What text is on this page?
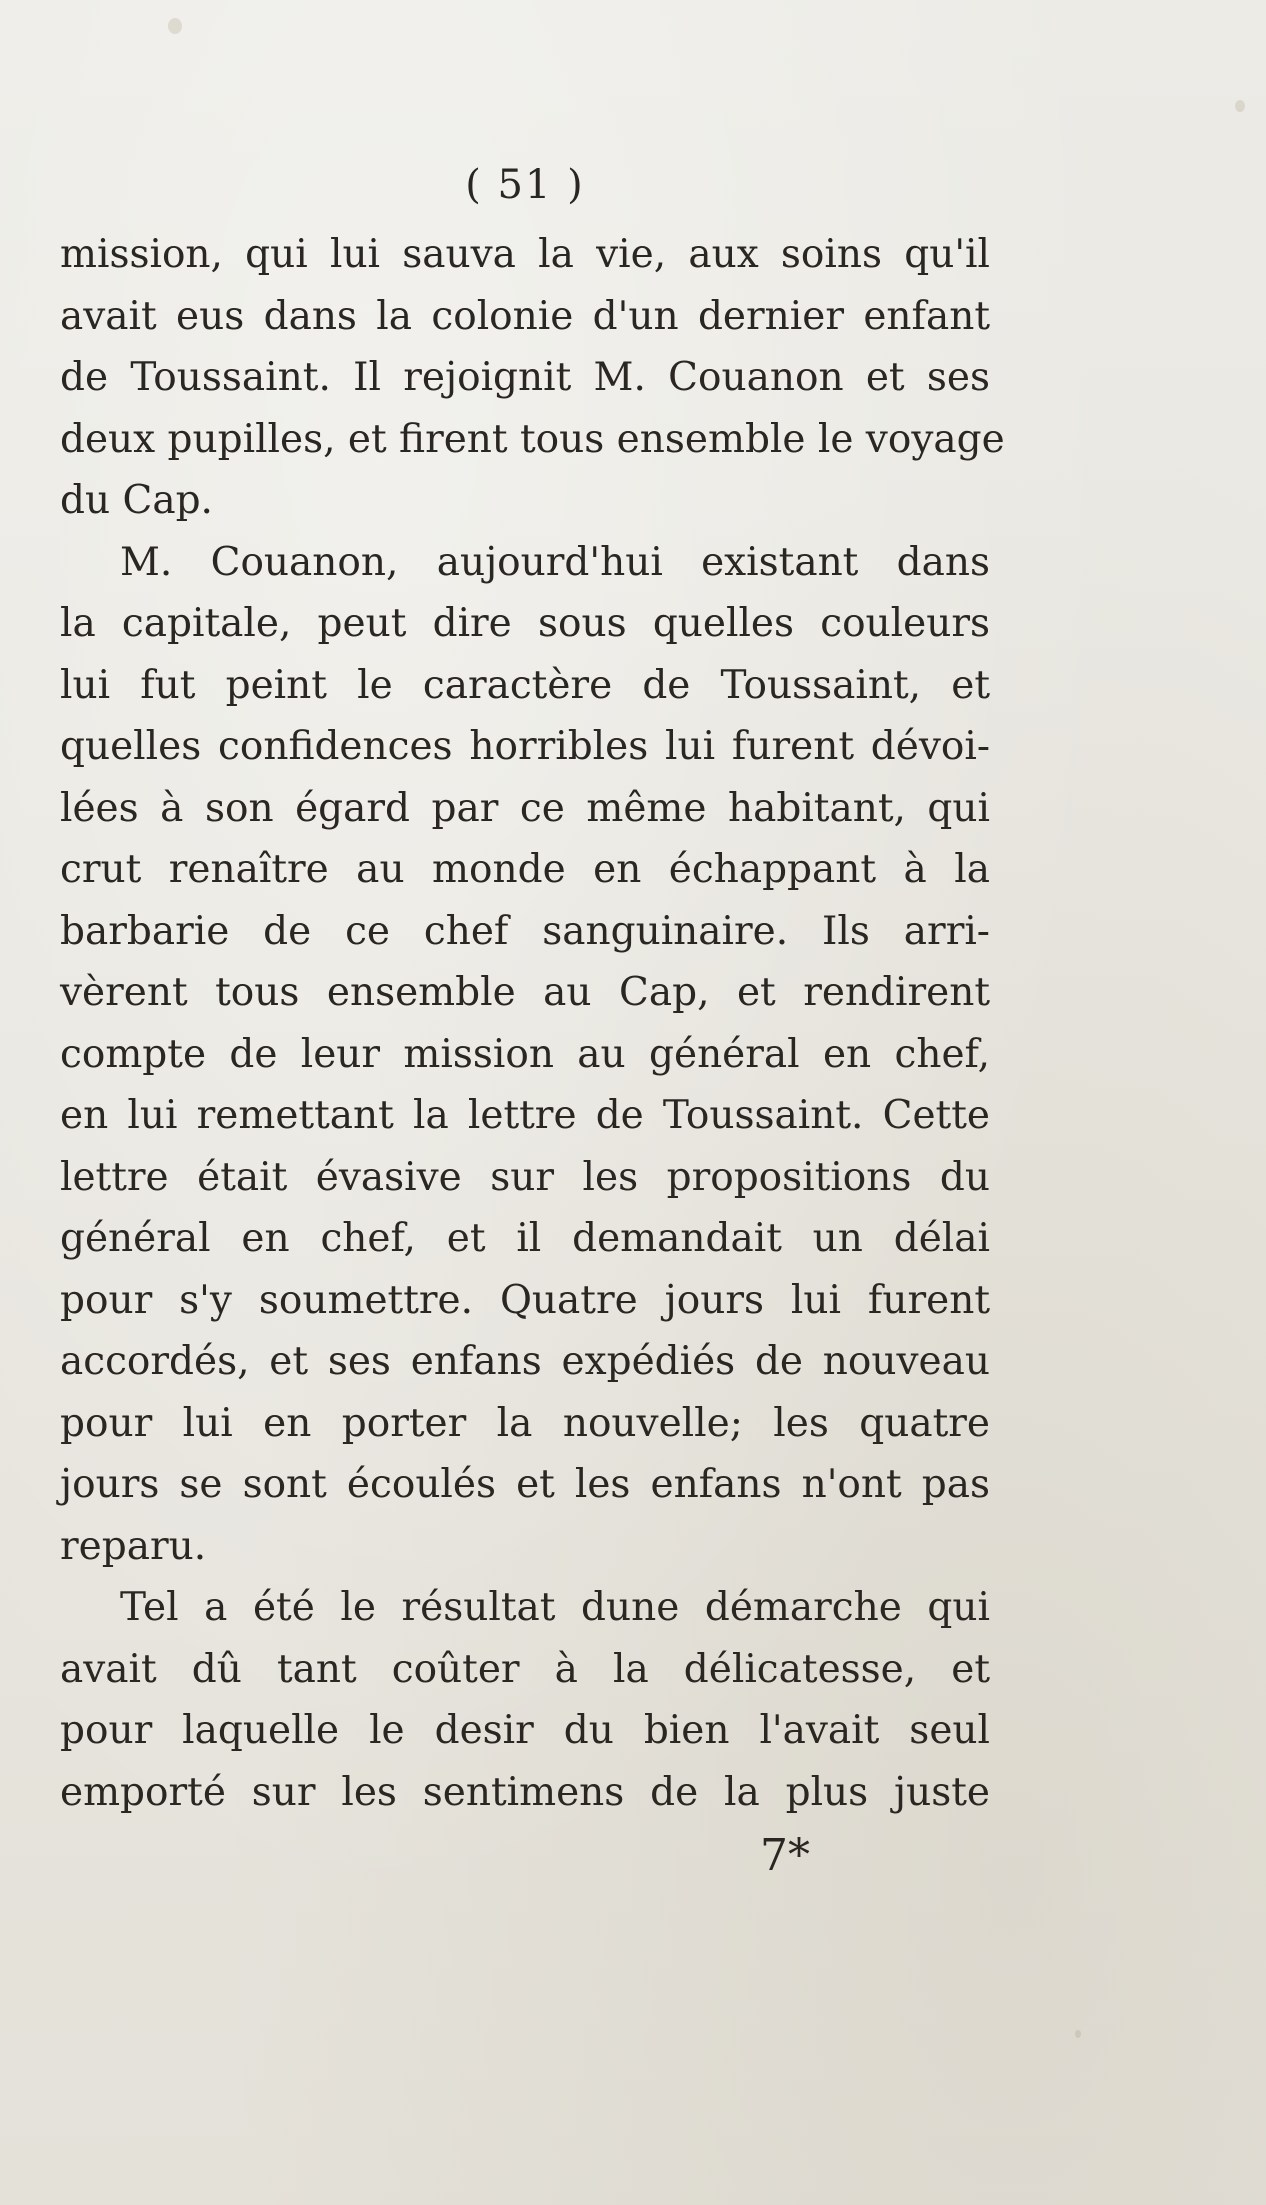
( 51 )

mission, qui lui sauva la vie, aux soins qu'il
avait eus dans la colonie d'un dernier enfant
de Toussaint. Il rejoignit M. Couanon et ses
deux pupilles, et firent tous ensemble le voyage
du Cap.

M. Couanon, aujourd'hui existant dans
la capitale, peut dire sous quelles couleurs
lui fut peint le caractère de Toussaint, et
quelles confidences horribles lui furent dévoi-
lées à son égard par ce même habitant, qui
crut renaître au monde en échappant à la
barbarie de ce chef sanguinaire. Ils arri-
vèrent tous ensemble au Cap, et rendirent
compte de leur mission au général en chef,
en lui remettant la lettre de Toussaint. Cette
lettre était évasive sur les propositions du
général en chef, et il demandait un délai
pour s'y soumettre. Quatre jours lui furent
accordés, et ses enfans expédiés de nouveau
pour lui en porter la nouvelle; les quatre
jours se sont écoulés et les enfans n'ont pas
reparu.

Tel a été le résultat dune démarche qui
avait dû tant coûter à la délicatesse, et
pour laquelle le desir du bien l'avait seul
emporté sur les sentimens de la plus juste

7*
